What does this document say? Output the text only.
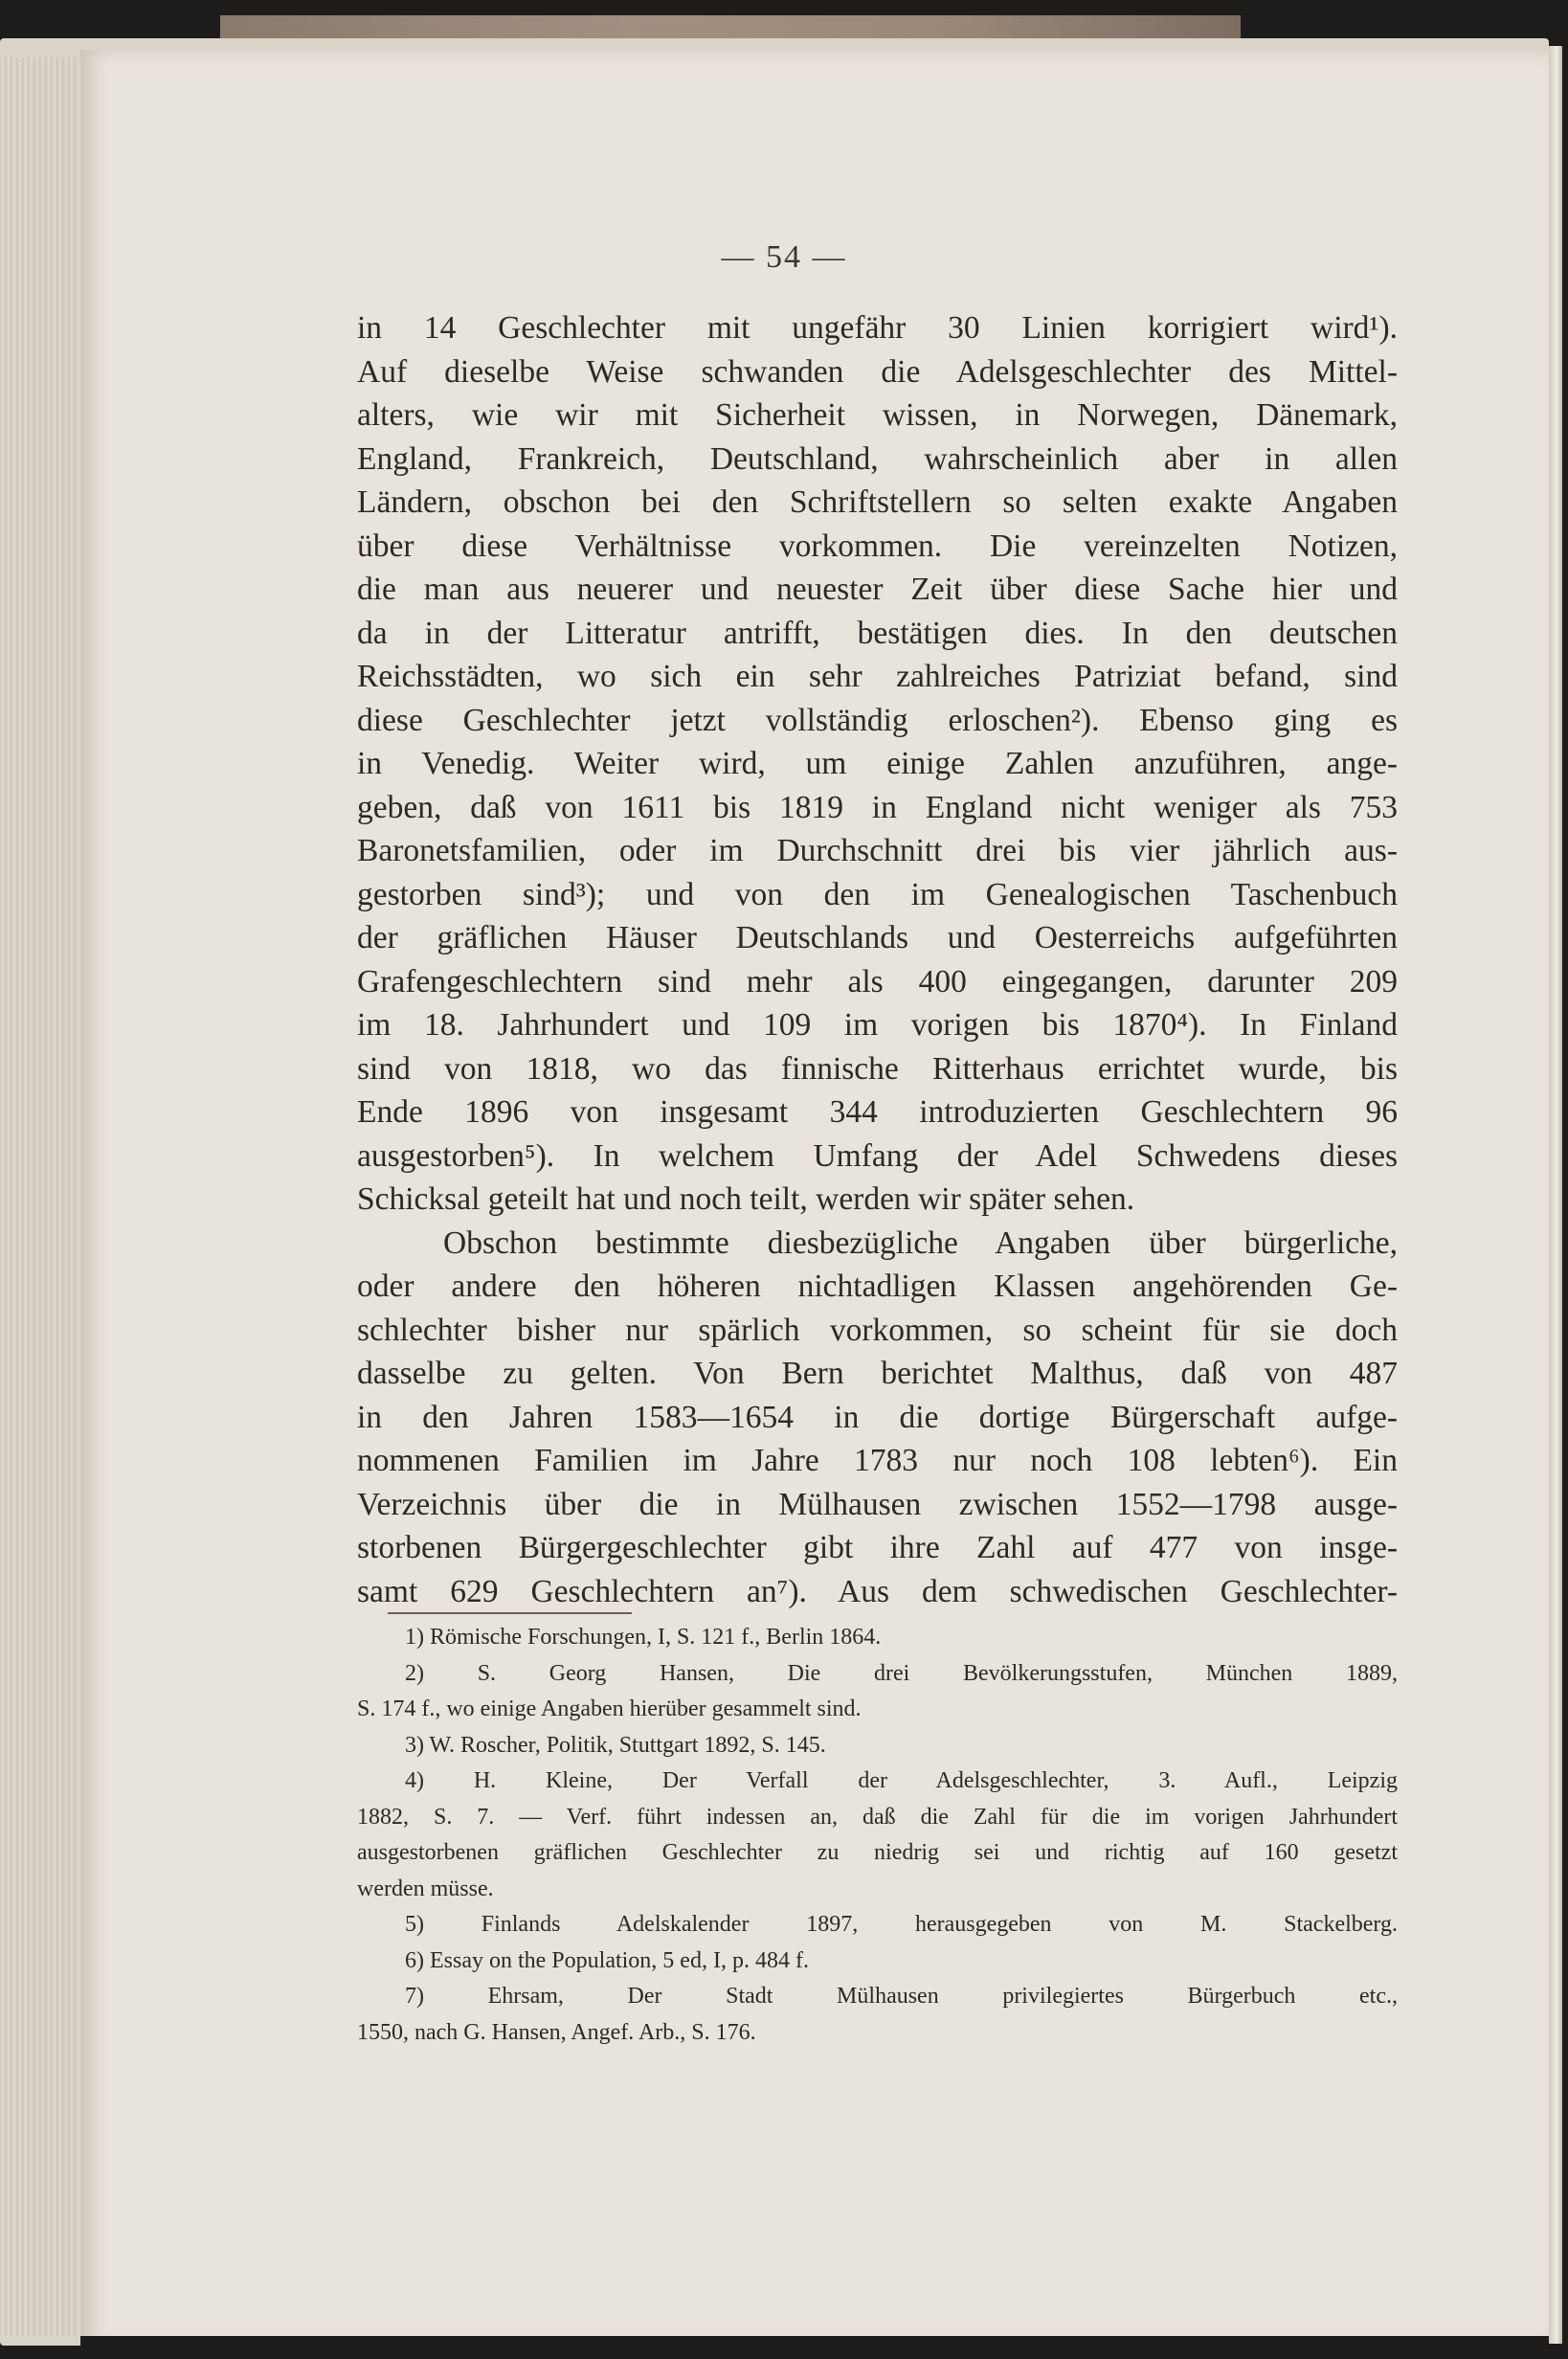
— 54 —
in 14 Geschlechter mit ungefähr 30 Linien korrigiert wird¹).
Auf dieselbe Weise schwanden die Adelsgeschlechter des Mittel-
alters, wie wir mit Sicherheit wissen, in Norwegen, Dänemark,
England, Frankreich, Deutschland, wahrscheinlich aber in allen
Ländern, obschon bei den Schriftstellern so selten exakte Angaben
über diese Verhältnisse vorkommen. Die vereinzelten Notizen,
die man aus neuerer und neuester Zeit über diese Sache hier und
da in der Litteratur antrifft, bestätigen dies. In den deutschen
Reichsstädten, wo sich ein sehr zahlreiches Patriziat befand, sind
diese Geschlechter jetzt vollständig erloschen²). Ebenso ging es
in Venedig. Weiter wird, um einige Zahlen anzuführen, ange-
geben, daß von 1611 bis 1819 in England nicht weniger als 753
Baronetsfamilien, oder im Durchschnitt drei bis vier jährlich aus-
gestorben sind³); und von den im Genealogischen Taschenbuch
der gräflichen Häuser Deutschlands und Oesterreichs aufgeführten
Grafengeschlechtern sind mehr als 400 eingegangen, darunter 209
im 18. Jahrhundert und 109 im vorigen bis 1870⁴). In Finland
sind von 1818, wo das finnische Ritterhaus errichtet wurde, bis
Ende 1896 von insgesamt 344 introduzierten Geschlechtern 96
ausgestorben⁵). In welchem Umfang der Adel Schwedens dieses
Schicksal geteilt hat und noch teilt, werden wir später sehen.
Obschon bestimmte diesbezügliche Angaben über bürgerliche,
oder andere den höheren nichtadligen Klassen angehörenden Ge-
schlechter bisher nur spärlich vorkommen, so scheint für sie doch
dasselbe zu gelten. Von Bern berichtet Malthus, daß von 487
in den Jahren 1583—1654 in die dortige Bürgerschaft aufge-
nommenen Familien im Jahre 1783 nur noch 108 lebten⁶). Ein
Verzeichnis über die in Mülhausen zwischen 1552—1798 ausge-
storbenen Bürgergeschlechter gibt ihre Zahl auf 477 von insge-
samt 629 Geschlechtern an⁷). Aus dem schwedischen Geschlechter-
1) Römische Forschungen, I, S. 121 f., Berlin 1864.
2) S. Georg Hansen, Die drei Bevölkerungsstufen, München 1889,
S. 174 f., wo einige Angaben hierüber gesammelt sind.
3) W. Roscher, Politik, Stuttgart 1892, S. 145.
4) H. Kleine, Der Verfall der Adelsgeschlechter, 3. Aufl., Leipzig
1882, S. 7. — Verf. führt indessen an, daß die Zahl für die im vorigen Jahrhundert
ausgestorbenen gräflichen Geschlechter zu niedrig sei und richtig auf 160 gesetzt
werden müsse.
5) Finlands Adelskalender 1897, herausgegeben von M. Stackelberg.
6) Essay on the Population, 5 ed, I, p. 484 f.
7) Ehrsam, Der Stadt Mülhausen privilegiertes Bürgerbuch etc.,
1550, nach G. Hansen, Angef. Arb., S. 176.
